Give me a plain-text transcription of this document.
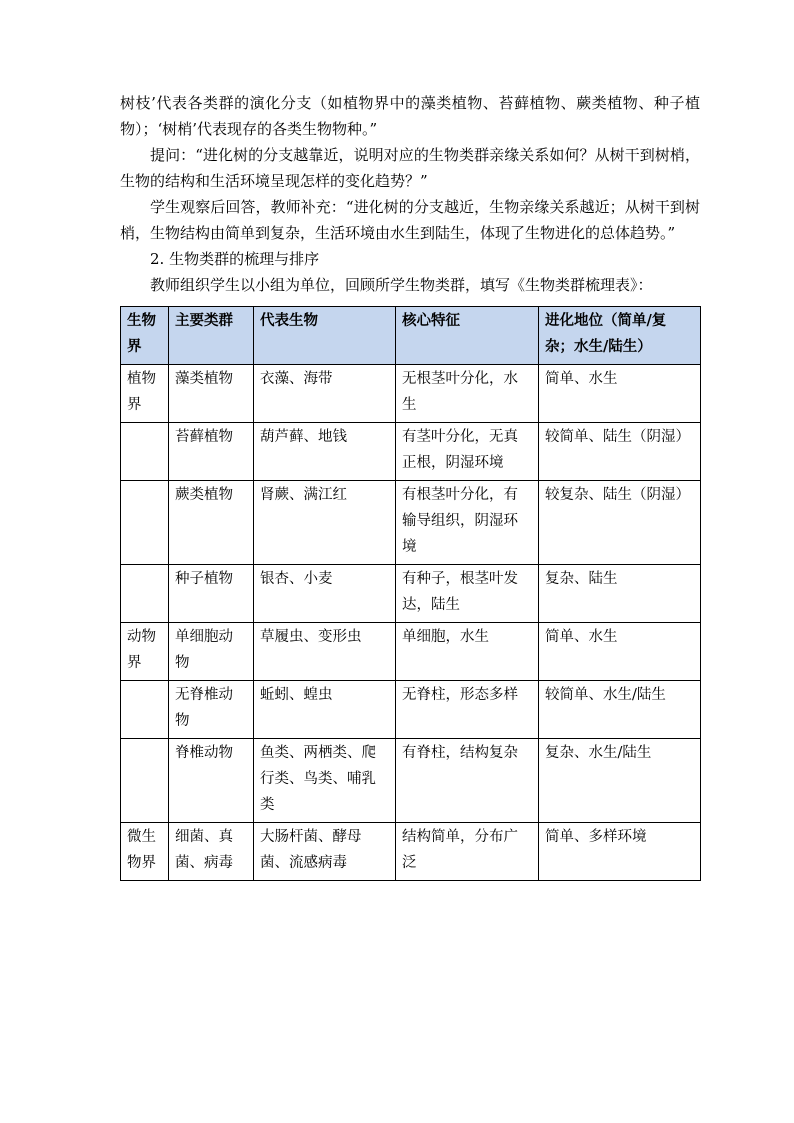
树枝’代表各类群的演化分支（如植物界中的藻类植物、苔藓植物、蕨类植物、种子植物）；‘树梢’代表现存的各类生物物种。”

提问：“进化树的分支越靠近，说明对应的生物类群亲缘关系如何？从树干到树梢，生物的结构和生活环境呈现怎样的变化趋势？”

学生观察后回答，教师补充：“进化树的分支越近，生物亲缘关系越近；从树干到树梢，生物结构由简单到复杂，生活环境由水生到陆生，体现了生物进化的总体趋势。”

2. 生物类群的梳理与排序

教师组织学生以小组为单位，回顾所学生物类群，填写《生物类群梳理表》：

生物界	主要类群	代表生物	核心特征	进化地位（简单/复杂；水生/陆生）
植物界	藻类植物	衣藻、海带	无根茎叶分化，水生	简单、水生
	苔藓植物	葫芦藓、地钱	有茎叶分化，无真正根，阴湿环境	较简单、陆生（阴湿）
	蕨类植物	肾蕨、满江红	有根茎叶分化，有输导组织，阴湿环境	较复杂、陆生（阴湿）
	种子植物	银杏、小麦	有种子，根茎叶发达，陆生	复杂、陆生
动物界	单细胞动物	草履虫、变形虫	单细胞，水生	简单、水生
	无脊椎动物	蚯蚓、蝗虫	无脊柱，形态多样	较简单、水生/陆生
	脊椎动物	鱼类、两栖类、爬行类、鸟类、哺乳类	有脊柱，结构复杂	复杂、水生/陆生
微生物界	细菌、真菌、病毒	大肠杆菌、酵母菌、流感病毒	结构简单，分布广泛	简单、多样环境
